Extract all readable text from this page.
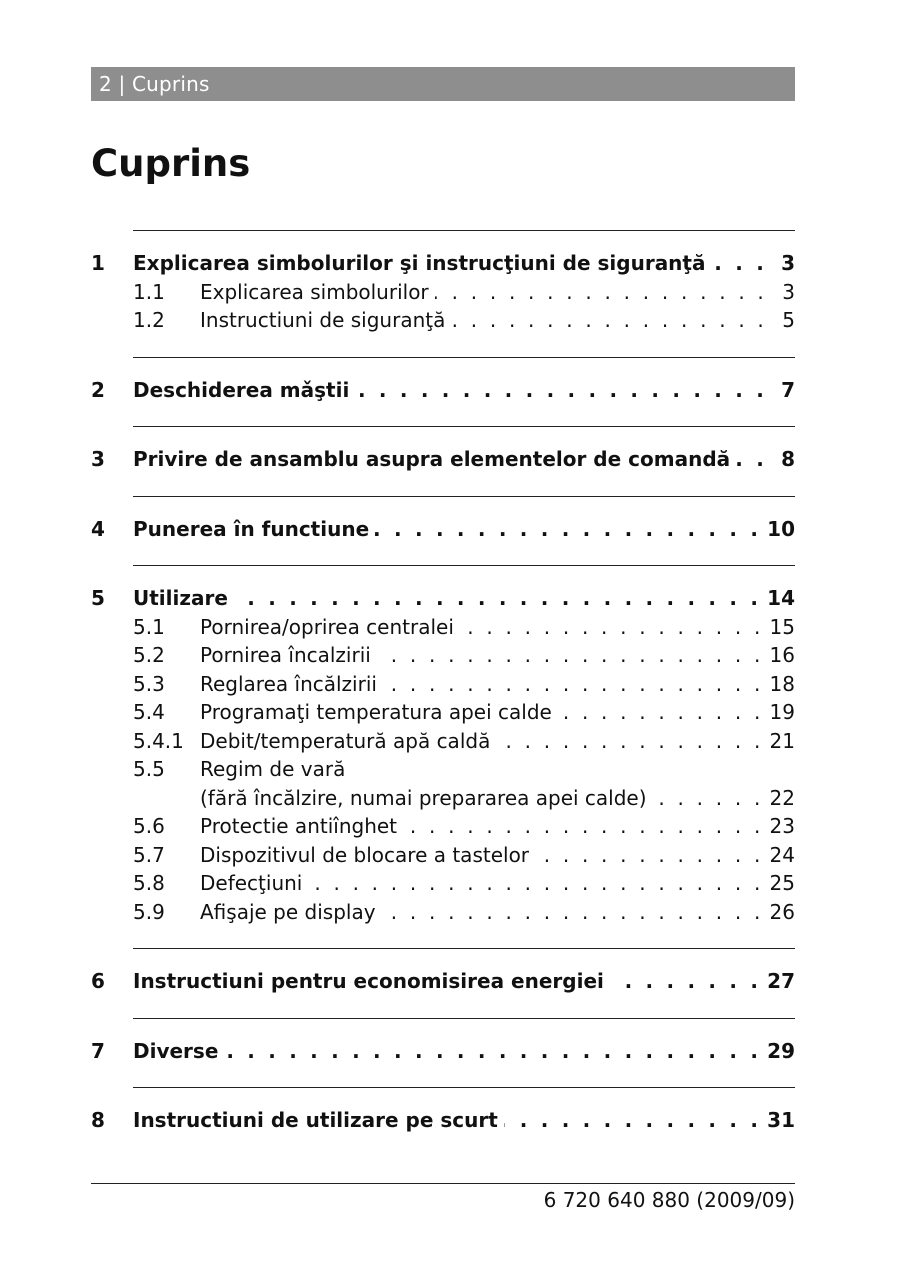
2 | Cuprins
Cuprins
1	Explicarea simbolurilor şi instrucţiuni de siguranţă . . .	3
1.1	Explicarea simbolurilor . . .	3
1.2	Instructiuni de siguranţă . . .	5
2	Deschiderea mǎştii . . .	7
3	Privire de ansamblu asupra elementelor de comandă . . .	8
4	Punerea în functiune . . .	10
5	Utilizare . . .	14
5.1	Pornirea/oprirea centralei . . .	15
5.2	Pornirea încalzirii . . .	16
5.3	Reglarea încălzirii . . .	18
5.4	Programaţi temperatura apei calde . . .	19
5.4.1 Debit/temperatură apă caldă . . .	21
5.5	Regim de vară
(fără încălzire, numai prepararea apei calde) . . .	22
5.6	Protectie antiînghet . . .	23
5.7	Dispozitivul de blocare a tastelor . . .	24
5.8	Defecţiuni . . .	25
5.9	Afişaje pe display . . .	26
6	Instructiuni pentru economisirea energiei . . .	27
7	Diverse . . .	29
8	Instructiuni de utilizare pe scurt . . .	31
6 720 640 880 (2009/09)
